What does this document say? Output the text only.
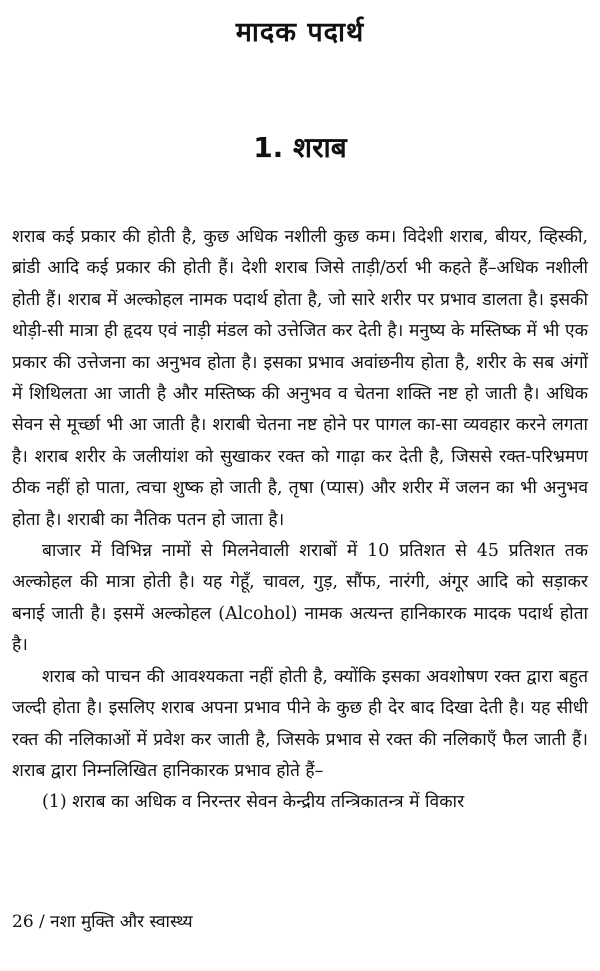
मादक पदार्थ
1. शराब

शराब कई प्रकार की होती है, कुछ अधिक नशीली कुछ कम। विदेशी शराब, बीयर, व्हिस्की, ब्रांडी आदि कई प्रकार की होती हैं। देशी शराब जिसे ताड़ी/ठर्रा भी कहते हैं–अधिक नशीली होती हैं। शराब में अल्कोहल नामक पदार्थ होता है, जो सारे शरीर पर प्रभाव डालता है। इसकी थोड़ी-सी मात्रा ही हृदय एवं नाड़ी मंडल को उत्तेजित कर देती है। मनुष्य के मस्तिष्क में भी एक प्रकार की उत्तेजना का अनुभव होता है। इसका प्रभाव अवांछनीय होता है, शरीर के सब अंगों में शिथिलता आ जाती है और मस्तिष्क की अनुभव व चेतना शक्ति नष्ट हो जाती है। अधिक सेवन से मूर्च्छा भी आ जाती है। शराबी चेतना नष्ट होने पर पागल का-सा व्यवहार करने लगता है। शराब शरीर के जलीयांश को सुखाकर रक्त को गाढ़ा कर देती है, जिससे रक्त-परिभ्रमण ठीक नहीं हो पाता, त्वचा शुष्क हो जाती है, तृषा (प्यास) और शरीर में जलन का भी अनुभव होता है। शराबी का नैतिक पतन हो जाता है।

बाजार में विभिन्न नामों से मिलनेवाली शराबों में 10 प्रतिशत से 45 प्रतिशत तक अल्कोहल की मात्रा होती है। यह गेहूँ, चावल, गुड़, सौंफ, नारंगी, अंगूर आदि को सड़ाकर बनाई जाती है। इसमें अल्कोहल (Alcohol) नामक अत्यन्त हानिकारक मादक पदार्थ होता है।

शराब को पाचन की आवश्यकता नहीं होती है, क्योंकि इसका अवशोषण रक्त द्वारा बहुत जल्दी होता है। इसलिए शराब अपना प्रभाव पीने के कुछ ही देर बाद दिखा देती है। यह सीधी रक्त की नलिकाओं में प्रवेश कर जाती है, जिसके प्रभाव से रक्त की नलिकाएँ फैल जाती हैं। शराब द्वारा निम्नलिखित हानिकारक प्रभाव होते हैं–

(1) शराब का अधिक व निरन्तर सेवन केन्द्रीय तन्त्रिकातन्त्र में विकार

26 / नशा मुक्ति और स्वास्थ्य
